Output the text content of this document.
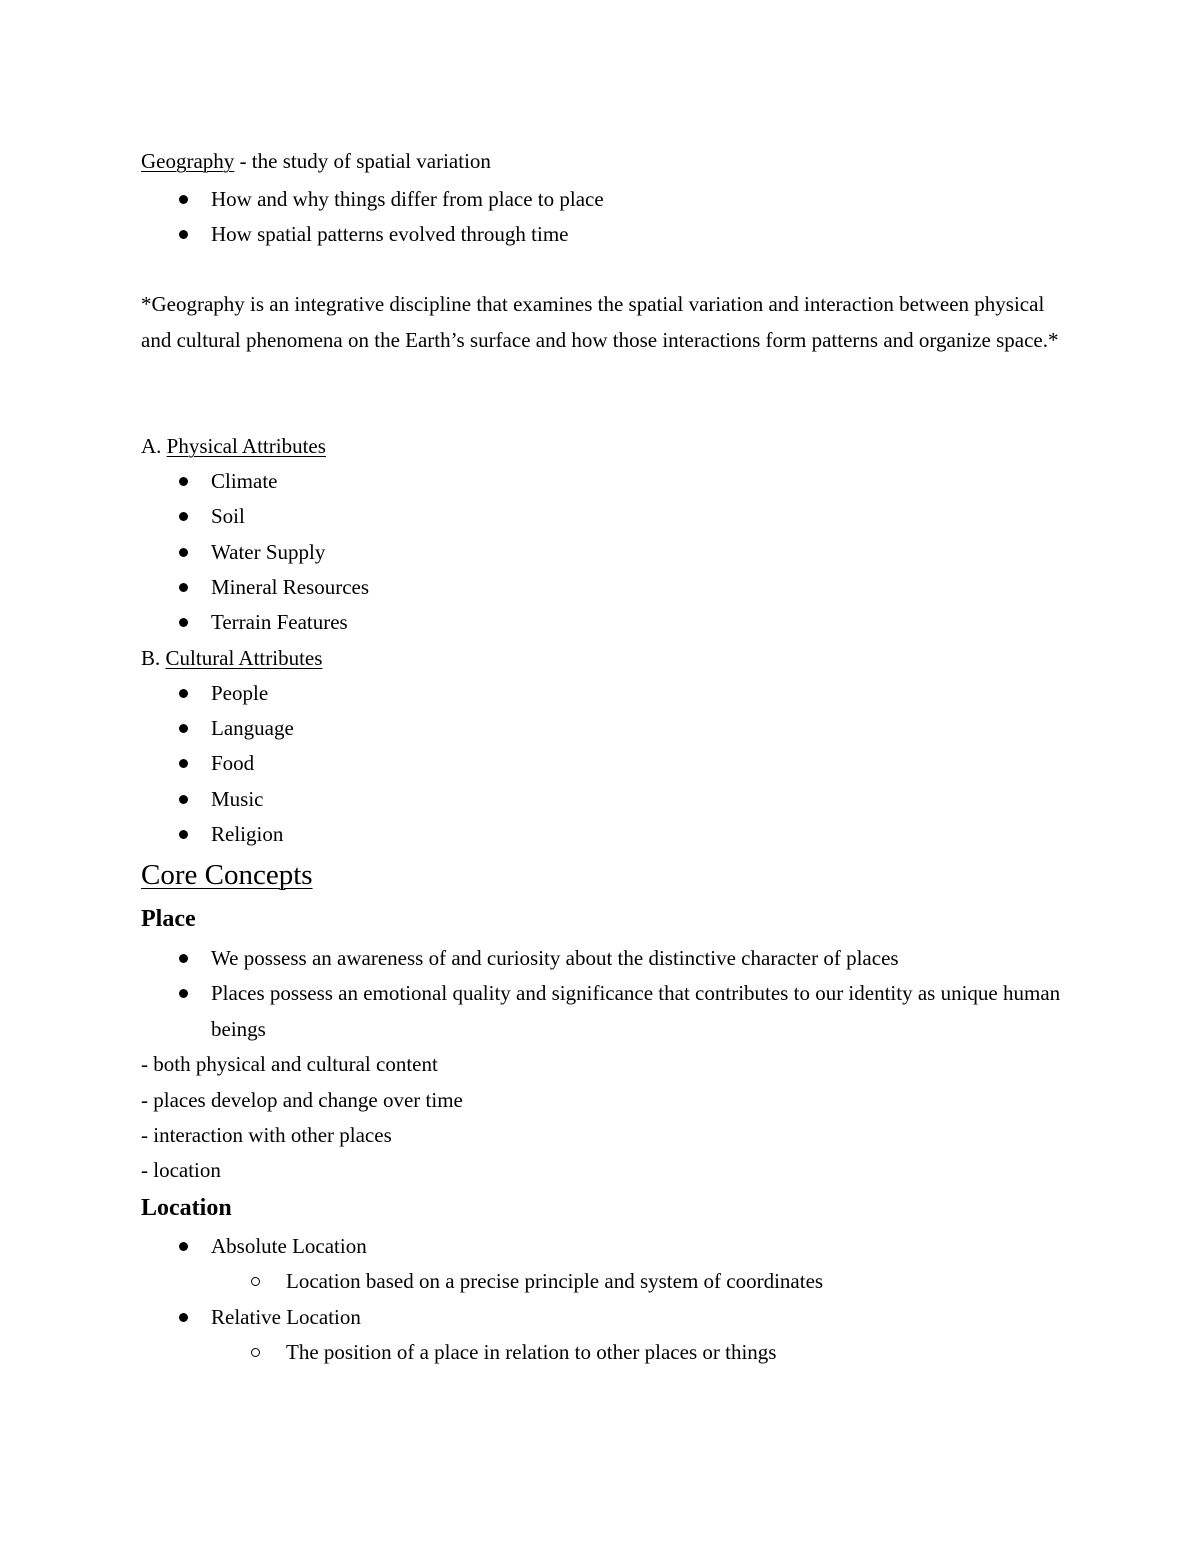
Geography - the study of spatial variation
How and why things differ from place to place
How spatial patterns evolved through time
*Geography is an integrative discipline that examines the spatial variation and interaction between physical and cultural phenomena on the Earth’s surface and how those interactions form patterns and organize space.*
A. Physical Attributes
Climate
Soil
Water Supply
Mineral Resources
Terrain Features
B. Cultural Attributes
People
Language
Food
Music
Religion
Core Concepts
Place
We possess an awareness of and curiosity about the distinctive character of places
Places possess an emotional quality and significance that contributes to our identity as unique human beings
- both physical and cultural content
- places develop and change over time
- interaction with other places
- location
Location
Absolute Location
Location based on a precise principle and system of coordinates
Relative Location
The position of a place in relation to other places or things
